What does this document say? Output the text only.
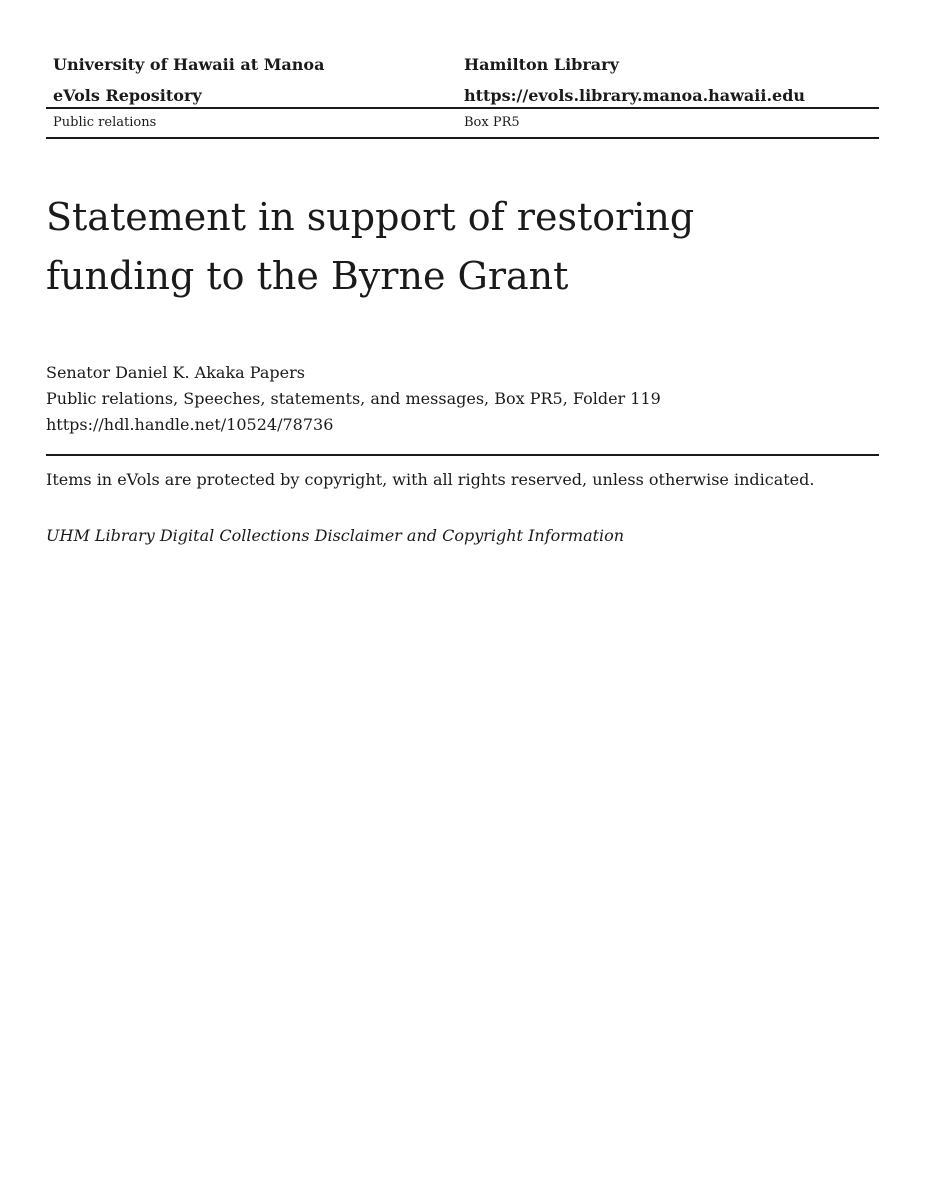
University of Hawaii at Manoa	Hamilton Library
eVols Repository	https://evols.library.manoa.hawaii.edu
Public relations	Box PR5
Statement in support of restoring
funding to the Byrne Grant
Senator Daniel K. Akaka Papers
Public relations, Speeches, statements, and messages, Box PR5, Folder 119
https://hdl.handle.net/10524/78736
Items in eVols are protected by copyright, with all rights reserved, unless otherwise indicated.
UHM Library Digital Collections Disclaimer and Copyright Information
